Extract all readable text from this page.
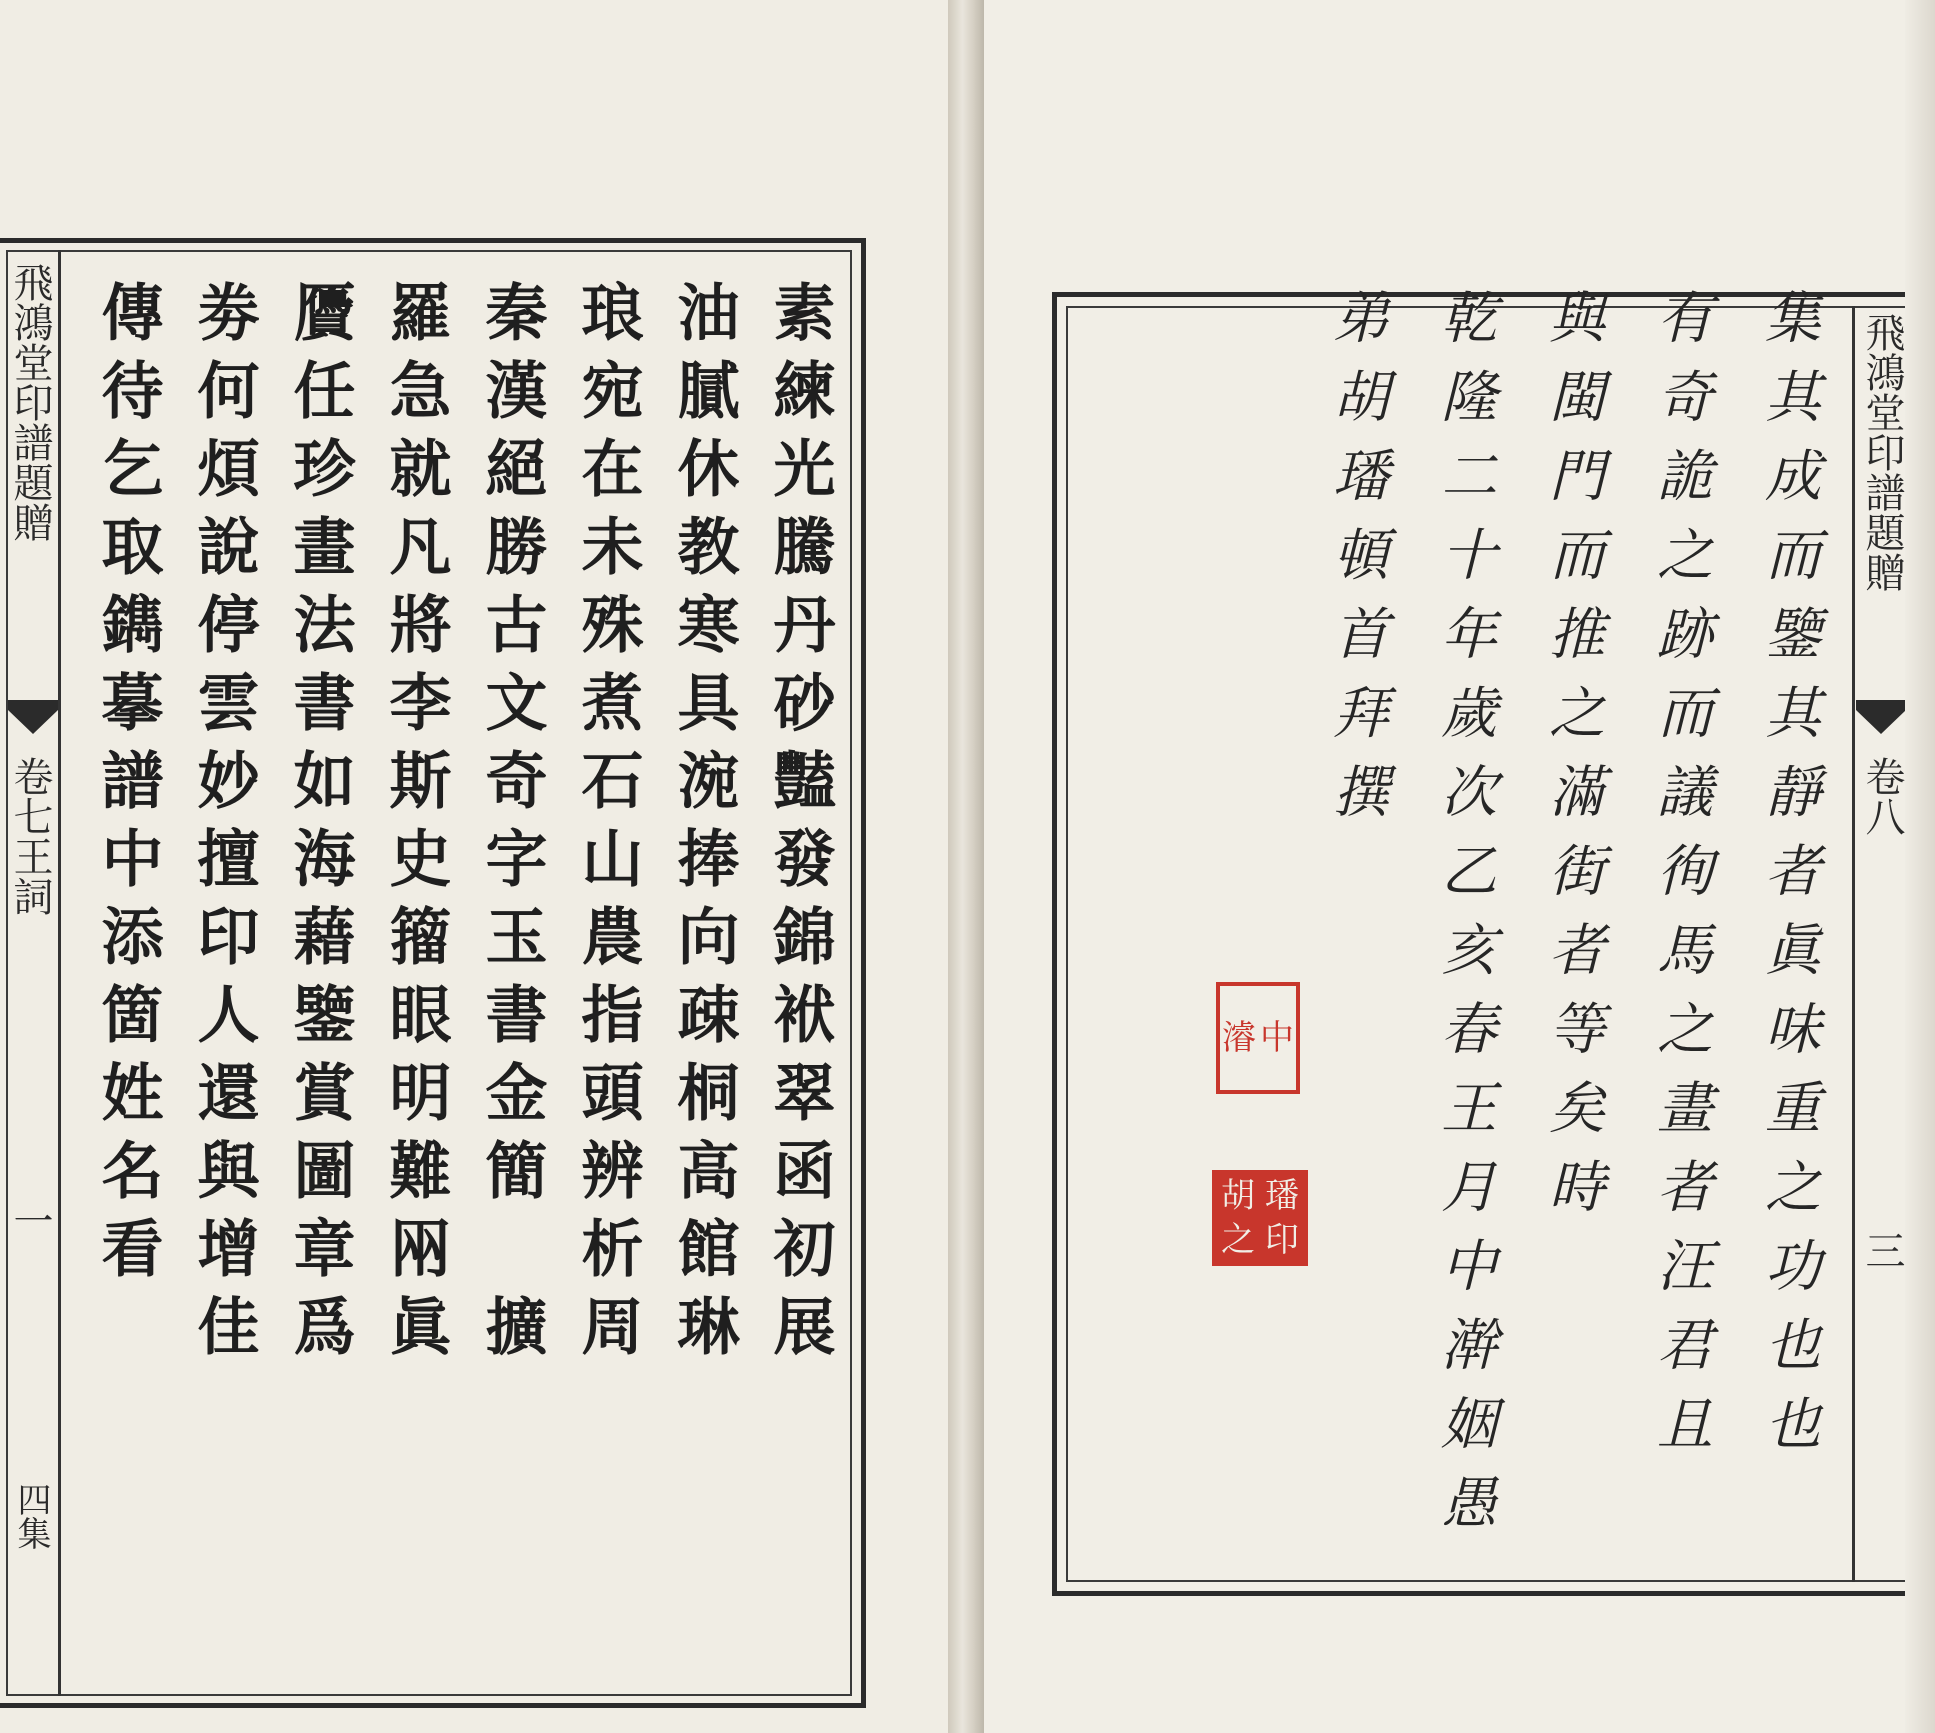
飛鴻堂印譜題贈
卷七王詞
一
四集
素練光騰丹砂豔發錦袱翠函初展
油膩休教寒具涴捧向疎桐高館琳
琅宛在未殊煮石山農指頭辨析周
秦漢絕勝古文奇字玉書金簡　擴
羅急就凡將李斯史籀眼明難㒳眞
贗任珍畫法書如海藉鑒賞圖章爲
劵何煩說停雲妙擅印人還與增佳
傳待乞取鐫摹譜中添箇姓名看	飛鴻堂印譜題贈
卷八
三
集其成而鑒其靜者眞味重之功也也
有奇詭之跡而議徇馬之畫者汪君且
與閩門而推之滿街者等矣時
乾隆二十年歲次乙亥春王月中澣姻愚
弟胡璠頓首拜撰
濬 中
胡 璠
之 印
